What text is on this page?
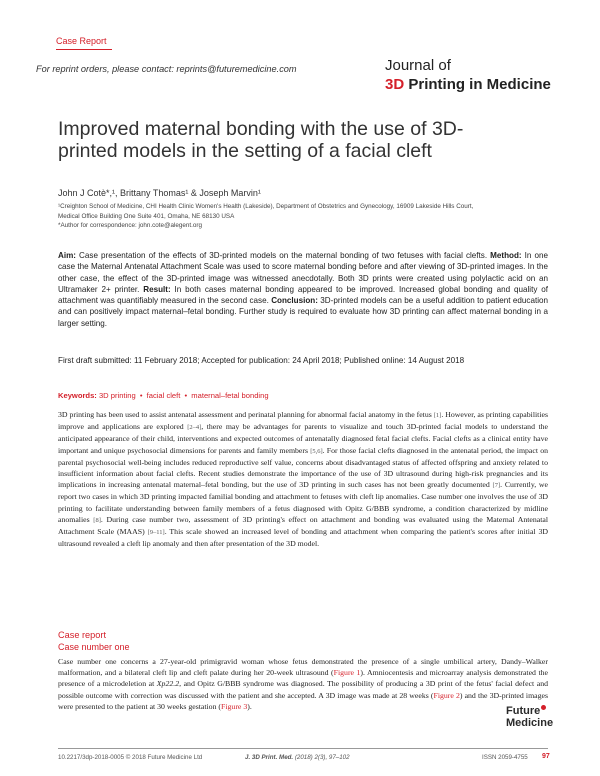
Case Report
For reprint orders, please contact: reprints@futuremedicine.com	Journal of
3D Printing in Medicine
Improved maternal bonding with the use of 3D-printed models in the setting of a facial cleft
John J Cotè*,¹, Brittany Thomas¹ & Joseph Marvin¹
¹Creighton School of Medicine, CHI Health Clinic Women's Health (Lakeside), Department of Obstetrics and Gynecology, 16909 Lakeside Hills Court, Medical Office Building One Suite 401, Omaha, NE 68130 USA
*Author for correspondence: john.cote@alegent.org
Aim: Case presentation of the effects of 3D-printed models on the maternal bonding of two fetuses with facial clefts. Method: In one case the Maternal Antenatal Attachment Scale was used to score maternal bonding before and after viewing of 3D-printed images. In the other case, the effect of the 3D-printed image was witnessed anecdotally. Both 3D prints were created using polylactic acid on an Ultramaker 2+ printer. Result: In both cases maternal bonding appeared to be improved. Increased global bonding and quality of attachment was quantifiably measured in the second case. Conclusion: 3D-printed models can be a useful addition to patient education and can positively impact maternal–fetal bonding. Further study is required to evaluate how 3D printing can affect maternal bonding in a larger setting.
First draft submitted: 11 February 2018; Accepted for publication: 24 April 2018; Published online: 14 August 2018
Keywords: 3D printing • facial cleft • maternal–fetal bonding
3D printing has been used to assist antenatal assessment and perinatal planning for abnormal facial anatomy in the fetus [1]. However, as printing capabilities improve and applications are explored [2–4], there may be advantages for parents to visualize and touch 3D-printed facial models to understand the anticipated appearance of their child, interventions and expected outcomes of antenatally diagnosed fetal facial clefts. Facial clefts as a clinical entity have important and unique psychosocial dimensions for parents and family members [5,6]. For those facial clefts diagnosed in the antenatal period, the impact on parental psychosocial well-being includes reduced reproductive self value, concerns about disadvantaged status of affected offspring and anxiety related to insufficient information about facial clefts. Recent studies demonstrate the importance of the use of 3D ultrasound during high-risk pregnancies and its implications in increasing antenatal maternal–fetal bonding, but the use of 3D printing in such cases has not been greatly documented [7]. Currently, we report two cases in which 3D printing impacted familial bonding and attachment to fetuses with cleft lip anomalies. Case number one involves the use of 3D printing to facilitate understanding between family members of a fetus diagnosed with Opitz G/BBB syndrome, a condition characterized by midline anomalies [8]. During case number two, assessment of 3D printing's effect on attachment and bonding was evaluated using the Maternal Antenatal Attachment Scale (MAAS) [9–11]. This scale showed an increased level of bonding and attachment when comparing the patient's scores after initial 3D ultrasound revealed a cleft lip anomaly and then after presentation of the 3D model.
Case report
Case number one
Case number one concerns a 27-year-old primigravid woman whose fetus demonstrated the presence of a single umbilical artery, Dandy–Walker malformation, and a bilateral cleft lip and cleft palate during her 20-week ultrasound (Figure 1). Amniocentesis and microarray analysis demonstrated the presence of a microdeletion at Xp22.2, and Opitz G/BBB syndrome was diagnosed. The possibility of producing a 3D print of the fetus' facial defect and possible outcome with correction was discussed with the patient and she accepted. A 3D image was made at 28 weeks (Figure 2) and the 3D-printed images were presented to the patient at 30 weeks gestation (Figure 3).	Future
Medicine
10.2217/3dp-2018-0005 © 2018 Future Medicine Ltd	J. 3D Print. Med. (2018) 2(3), 97–102	ISSN 2059-4755 97
